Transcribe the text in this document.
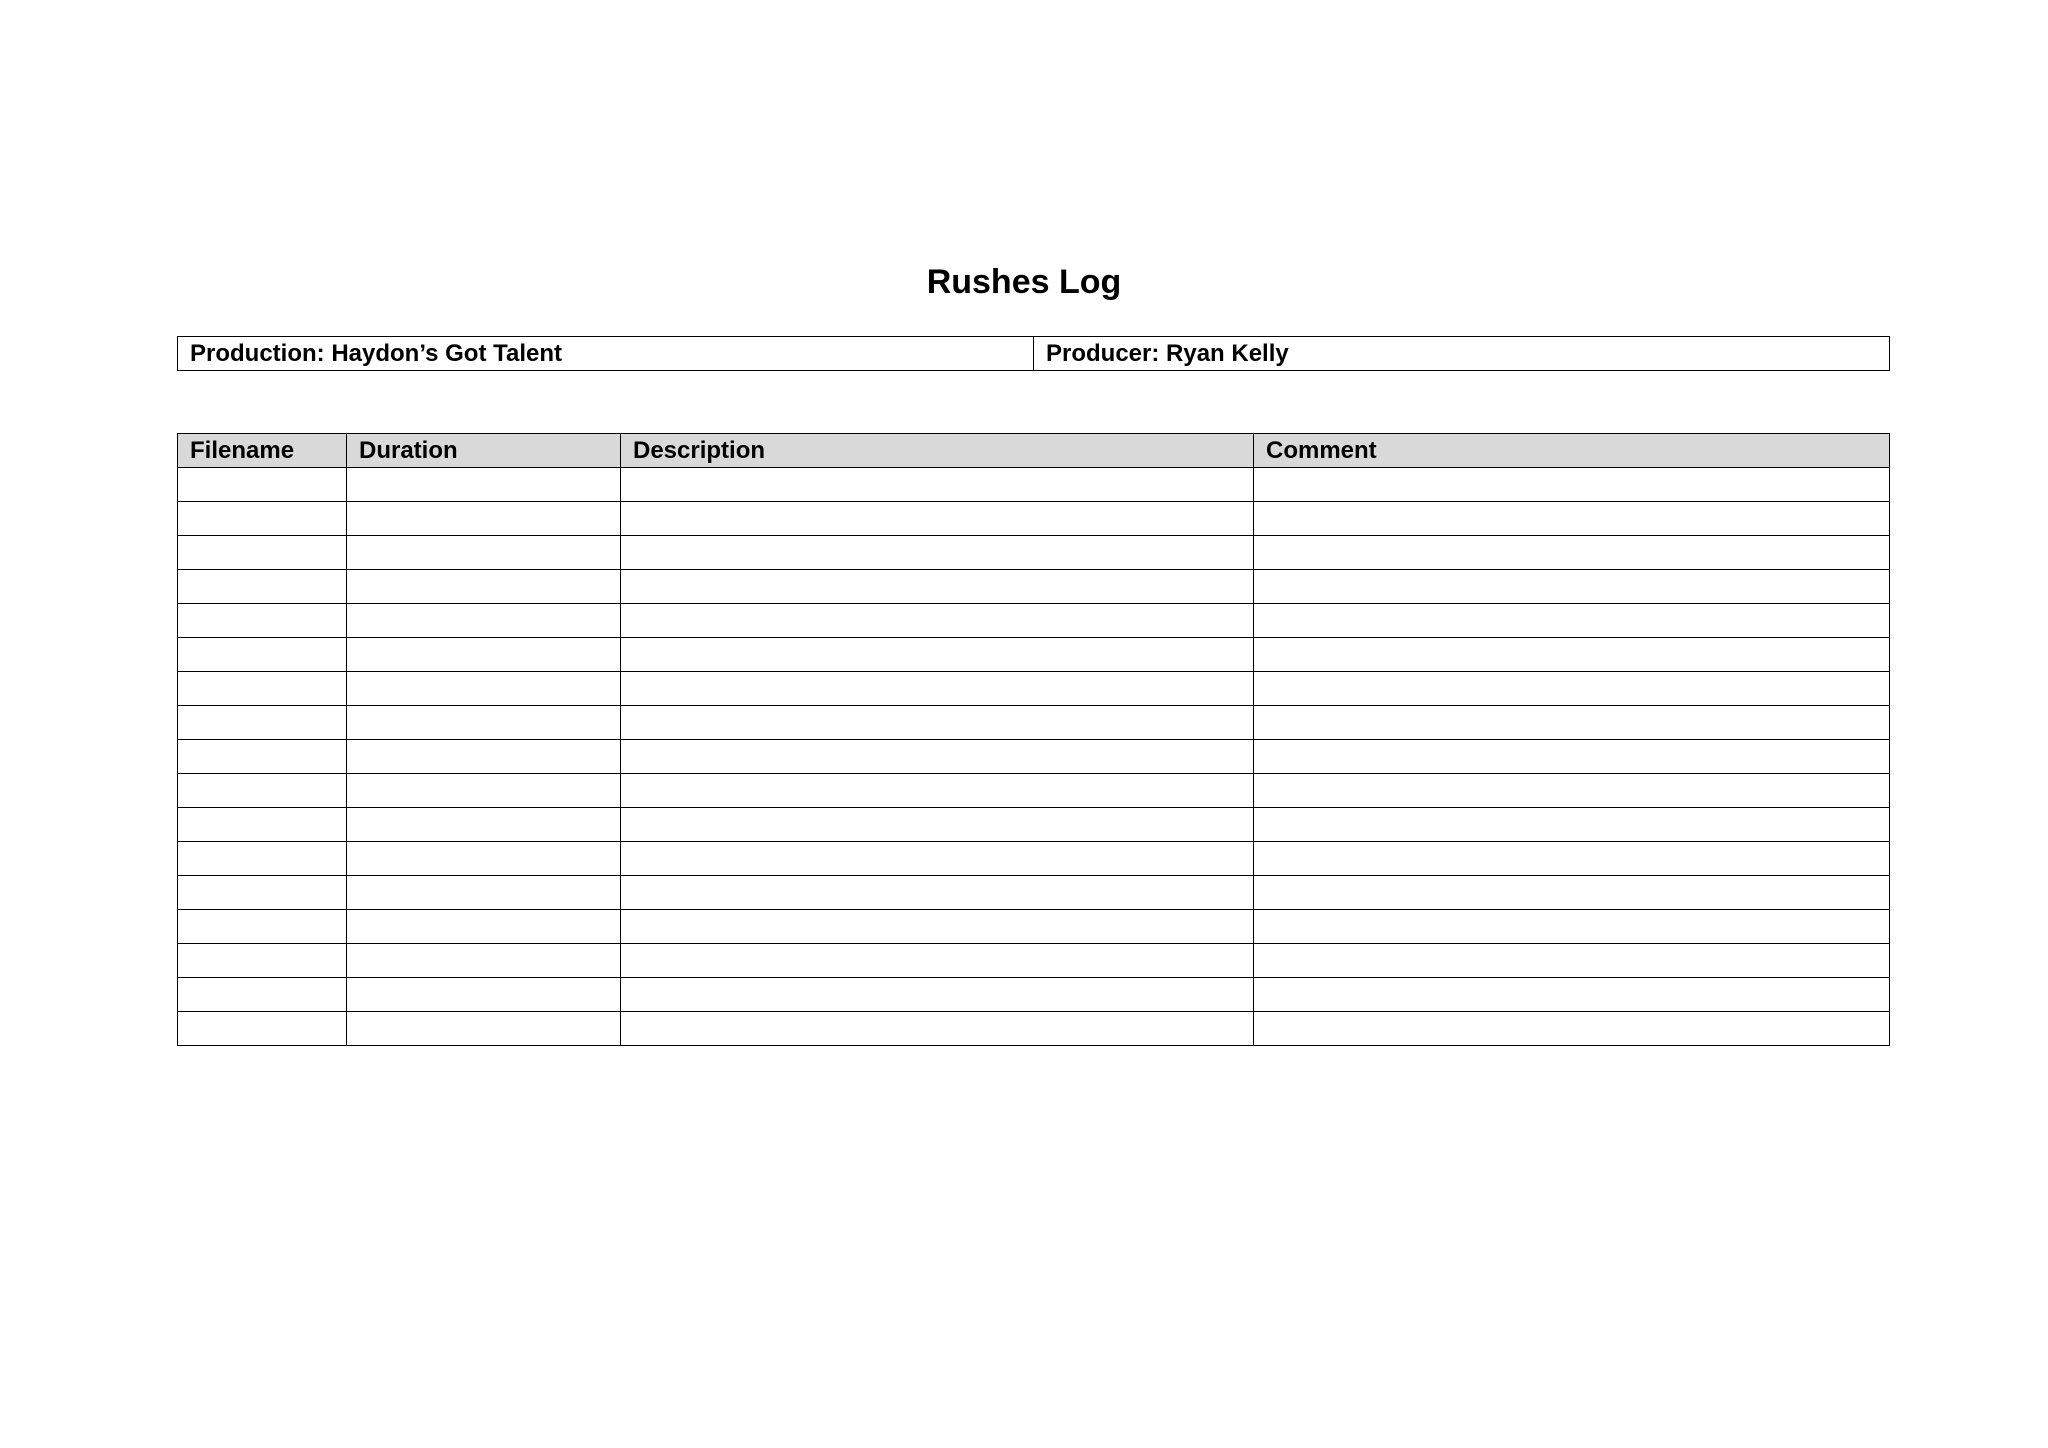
Rushes Log
Production: Haydon’s Got Talent	Producer: Ryan Kelly
Filename	Duration	Description	Comment
